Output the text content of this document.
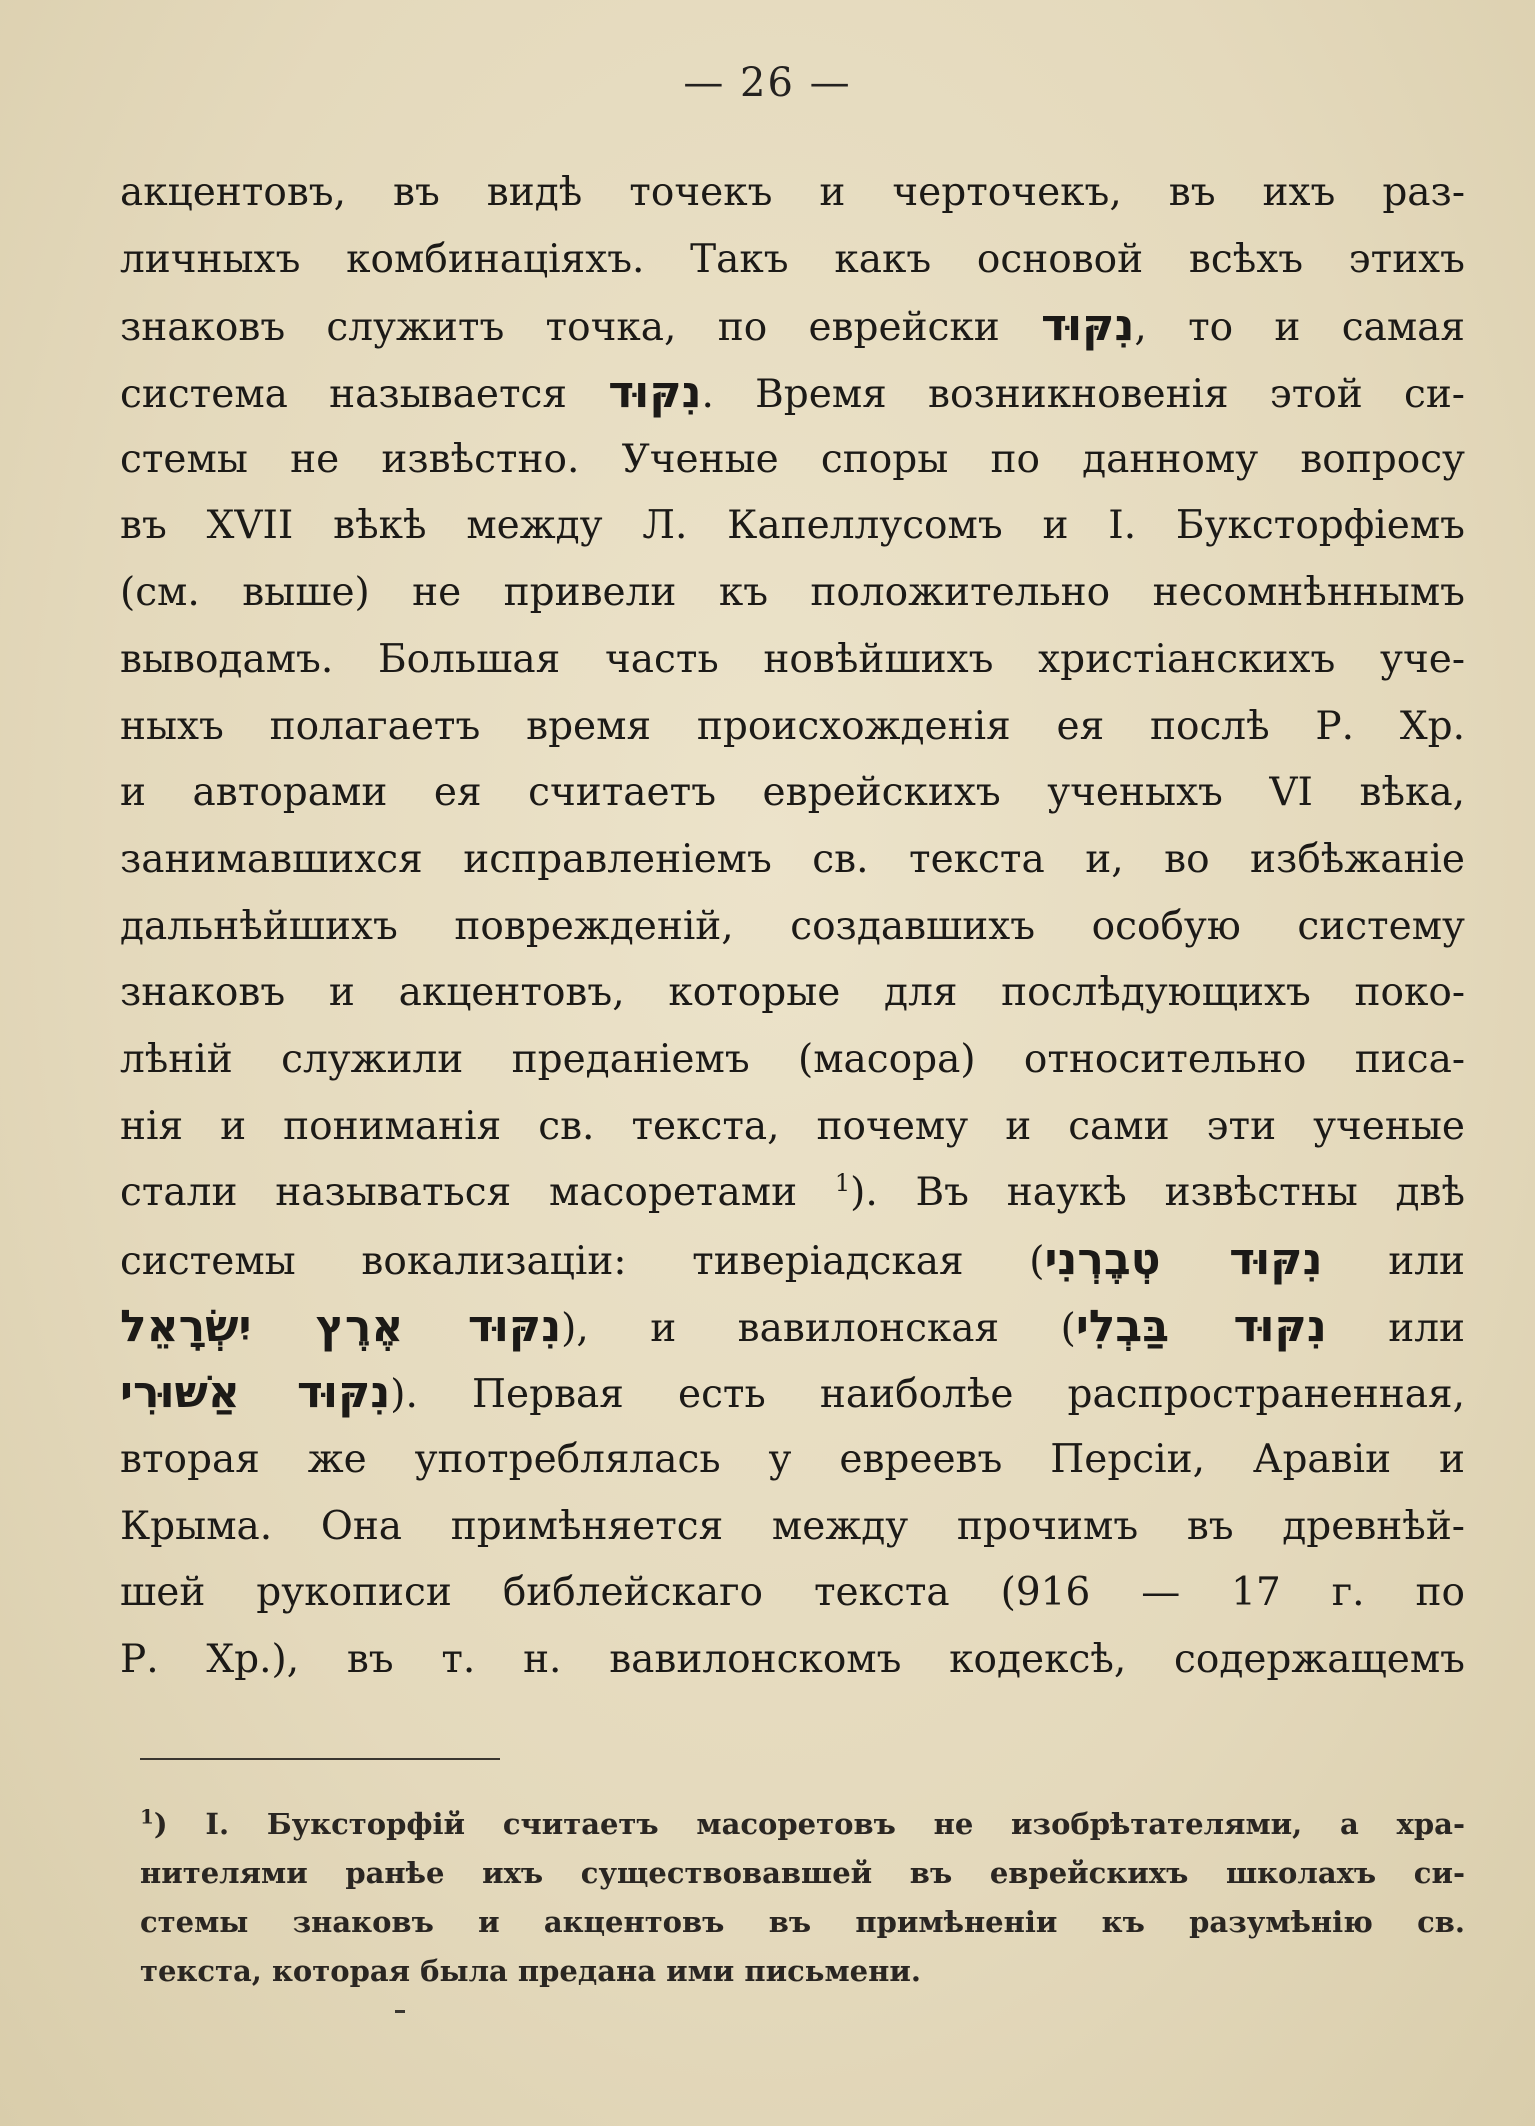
— 26 —
акцентовъ, въ видѣ точекъ и черточекъ, въ ихъ раз-
личныхъ комбинаціяхъ. Такъ какъ основой всѣхъ этихъ
знаковъ служитъ точка, по еврейски נִקּוּד, то и самая
система называется נִקּוּד. Время возникновенія этой си-
стемы не извѣстно. Ученые споры по данному вопросу
въ XVII вѣкѣ между Л. Капеллусомъ и І. Буксторфіемъ
(см. выше) не привели къ положительно несомнѣннымъ
выводамъ. Большая часть новѣйшихъ христіанскихъ уче-
ныхъ полагаетъ время происхожденія ея послѣ Р. Хр.
и авторами ея считаетъ еврейскихъ ученыхъ VI вѣка,
занимавшихся исправленіемъ св. текста и, во избѣжаніе
дальнѣйшихъ поврежденій, создавшихъ особую систему
знаковъ и акцентовъ, которые для послѣдующихъ поко-
лѣній служили преданіемъ (масора) относительно писа-
нія и пониманія св. текста, почему и сами эти ученые
стали называться масоретами $^1$). Въ наукѣ извѣстны двѣ
системы вокализаціи: тиверіадская (נִקּוּד טְבֶרְנִי или
נִקּוּד אֶרֶץ יִשְׂרָאֵל), и вавилонская (נִקּוּד בַּבְלִי или
נִקּוּד אַשּׁוּרִי). Первая есть наиболѣе распространенная,
вторая же употреблялась у евреевъ Персіи, Аравіи и
Крыма. Она примѣняется между прочимъ въ древнѣй-
шей рукописи библейскаго текста (916 — 17 г. по
Р. Хр.), въ т. н. вавилонскомъ кодексѣ, содержащемъ
$^1$) І. Буксторфій считаетъ масоретовъ не изобрѣтателями, а хра-
нителями ранѣе ихъ существовавшей въ еврейскихъ школахъ си-
стемы знаковъ и акцентовъ въ примѣненіи къ разумѣнію св.
текста, которая была предана ими письмени.
